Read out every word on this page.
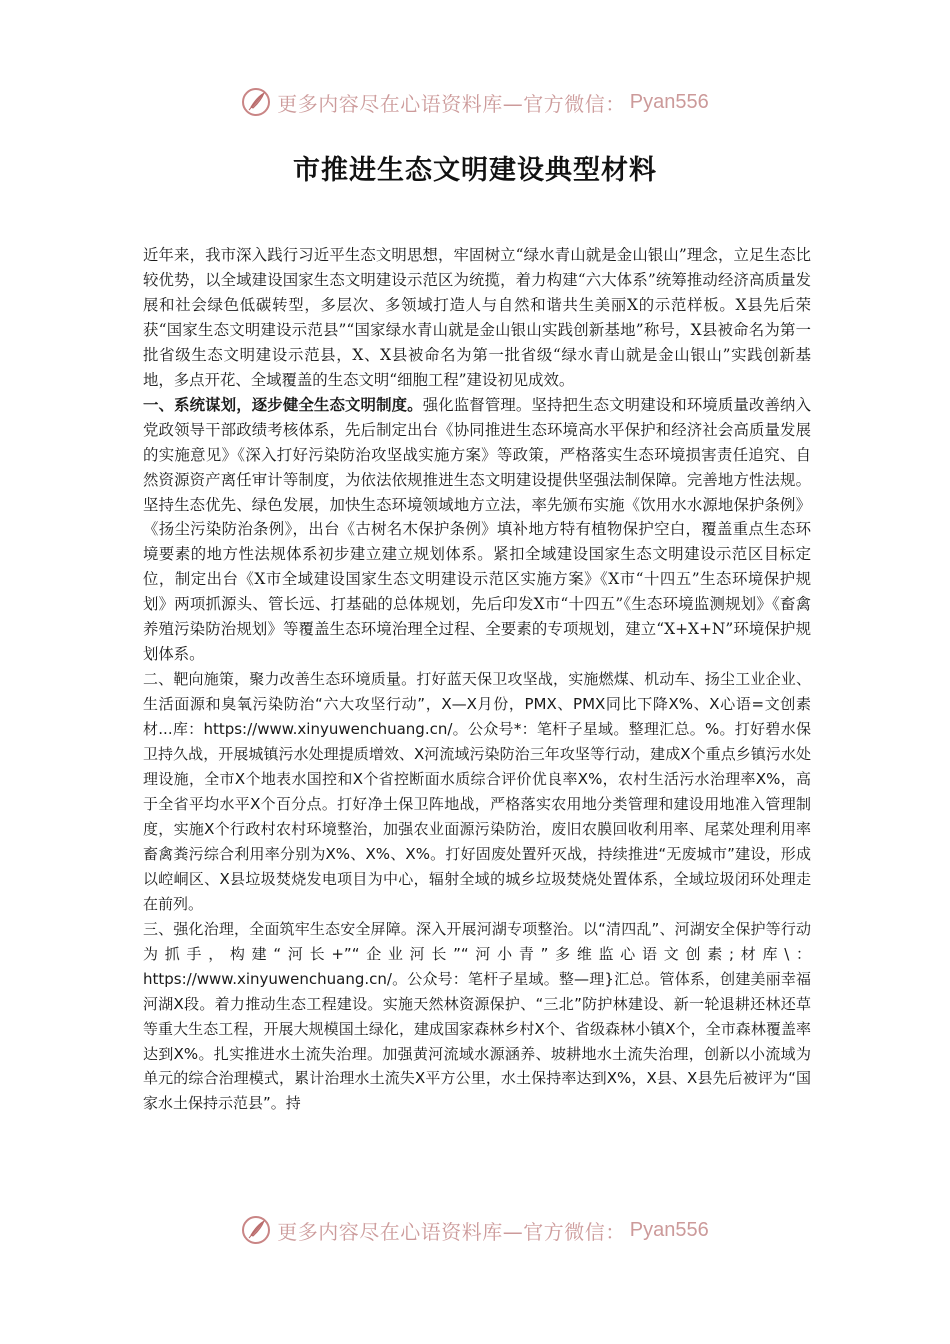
更多内容尽在心语资料库—官方微信： Pyan556
市推进生态文明建设典型材料

近年来，我市深入践行习近平生态文明思想，牢固树立“绿水青山就是金山银山”理念，立足生态比较优势，以全域建设国家生态文明建设示范区为统揽，着力构建“六大体系”统筹推动经济高质量发展和社会绿色低碳转型，多层次、多领域打造人与自然和谐共生美丽X的示范样板。X县先后荣获“国家生态文明建设示范县”“国家绿水青山就是金山银山实践创新基地”称号，X县被命名为第一批省级生态文明建设示范县，X、X县被命名为第一批省级“绿水青山就是金山银山”实践创新基地，多点开花、全域覆盖的生态文明“细胞工程”建设初见成效。

一、系统谋划，逐步健全生态文明制度。强化监督管理。坚持把生态文明建设和环境质量改善纳入党政领导干部政绩考核体系，先后制定出台《协同推进生态环境高水平保护和经济社会高质量发展的实施意见》《深入打好污染防治攻坚战实施方案》等政策，严格落实生态环境损害责任追究、自然资源资产离任审计等制度，为依法依规推进生态文明建设提供坚强法制保障。完善地方性法规。坚持生态优先、绿色发展，加快生态环境领域地方立法，率先颁布实施《饮用水水源地保护条例》《扬尘污染防治条例》，出台《古树名木保护条例》填补地方特有植物保护空白，覆盖重点生态环境要素的地方性法规体系初步建立建立规划体系。紧扣全域建设国家生态文明建设示范区目标定位，制定出台《X市全域建设国家生态文明建设示范区实施方案》《X市“十四五”生态环境保护规划》两项抓源头、管长远、打基础的总体规划，先后印发X市“十四五”《生态环境监测规划》《畜禽养殖污染防治规划》等覆盖生态环境治理全过程、全要素的专项规划，建立“X+X+N”环境保护规划体系。

二、靶向施策，聚力改善生态环境质量。打好蓝天保卫攻坚战，实施燃煤、机动车、扬尘工业企业、生活面源和臭氧污染防治“六大攻坚行动”，X—X月份，PMX、PMX同比下降X%、X心语=文创素材...库：https://www.xinyuwenchuang.cn/。公众号*：笔杆子星域。整理汇总。%。打好碧水保卫持久战，开展城镇污水处理提质增效、X河流域污染防治三年攻坚等行动，建成X个重点乡镇污水处理设施，全市X个地表水国控和X个省控断面水质综合评价优良率X%，农村生活污水治理率X%，高于全省平均水平X个百分点。打好净土保卫阵地战，严格落实农用地分类管理和建设用地准入管理制度，实施X个行政村农村环境整治，加强农业面源污染防治，废旧农膜回收利用率、尾菜处理利用率畜禽粪污综合利用率分别为X%、X%、X%。打好固废处置歼灭战，持续推进“无废城市”建设，形成以崆峒区、X县垃圾焚烧发电项目为中心，辐射全域的城乡垃圾焚烧处置体系，全域垃圾闭环处理走在前列。

三、强化治理，全面筑牢生态安全屏障。深入开展河湖专项整治。以“清四乱”、河湖安全保护等行动为抓手，构建“河长+”“企业河长”“河小青”多维监心语文创素;材库\：https://www.xinyuwenchuang.cn/。公众号：笔杆子星域。整—理}汇总。管体系，创建美丽幸福河湖X段。着力推动生态工程建设。实施天然林资源保护、“三北”防护林建设、新一轮退耕还林还草等重大生态工程，开展大规模国土绿化，建成国家森林乡村X个、省级森林小镇X个，全市森林覆盖率达到X%。扎实推进水土流失治理。加强黄河流域水源涵养、坡耕地水土流失治理，创新以小流域为单元的综合治理模式，累计治理水土流失X平方公里，水土保持率达到X%，X县、X县先后被评为“国家水土保持示范县”。持

更多内容尽在心语资料库—官方微信： Pyan556
